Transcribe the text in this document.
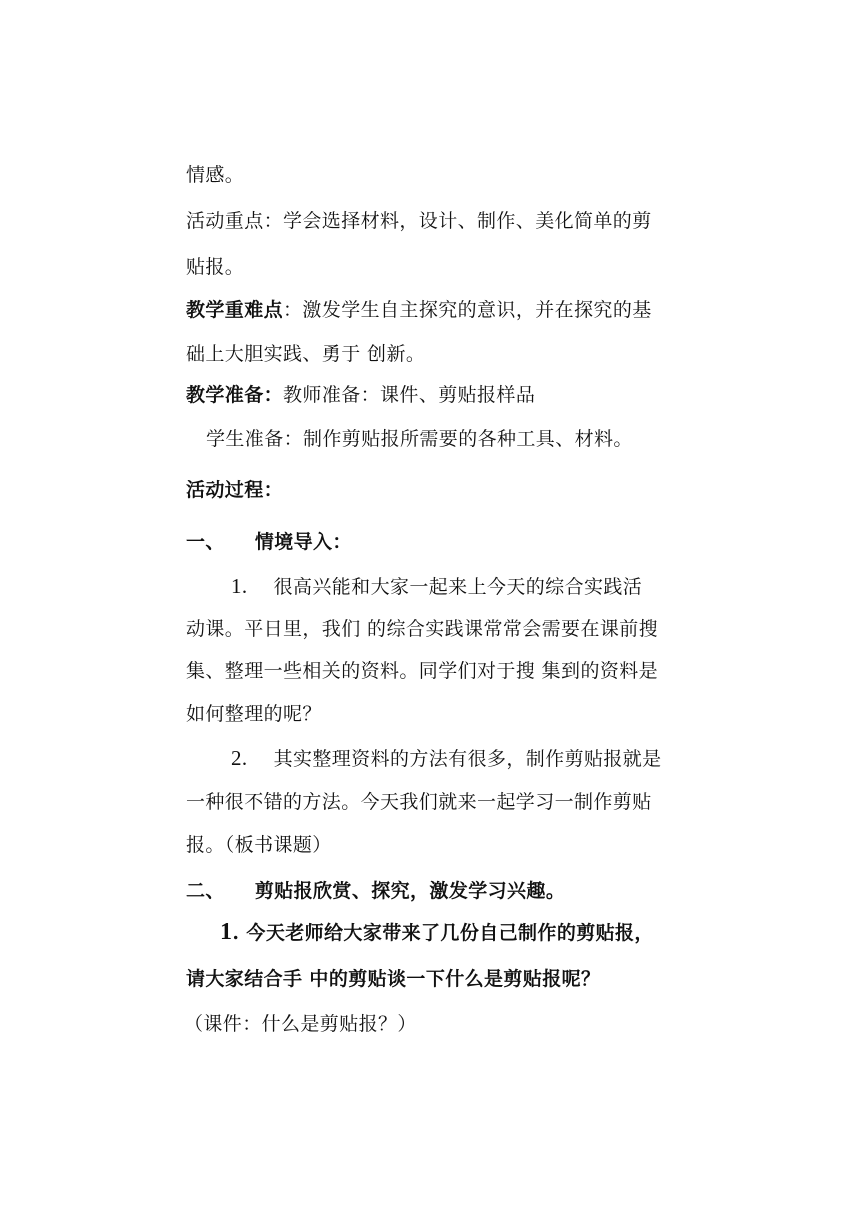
情感。
活动重点：学会选择材料，设计、制作、美化简单的剪
贴报。
教学重难点：激发学生自主探究的意识，并在探究的基
础上大胆实践、勇于 创新。
教学准备：教师准备：课件、剪贴报样品
学生准备：制作剪贴报所需要的各种工具、材料。
活动过程：
一、 情境导入：
1. 很高兴能和大家一起来上今天的综合实践活
动课。平日里，我们 的综合实践课常常会需要在课前搜
集、整理一些相关的资料。同学们对于搜 集到的资料是
如何整理的呢？
2. 其实整理资料的方法有很多，制作剪贴报就是
一种很不错的方法。今天我们就来一起学习一制作剪贴
报。（板书课题）
二、 剪贴报欣赏、探究，激发学习兴趣。
1. 今天老师给大家带来了几份自己制作的剪贴报，
请大家结合手 中的剪贴谈一下什么是剪贴报呢？
（课件：什么是剪贴报？）
